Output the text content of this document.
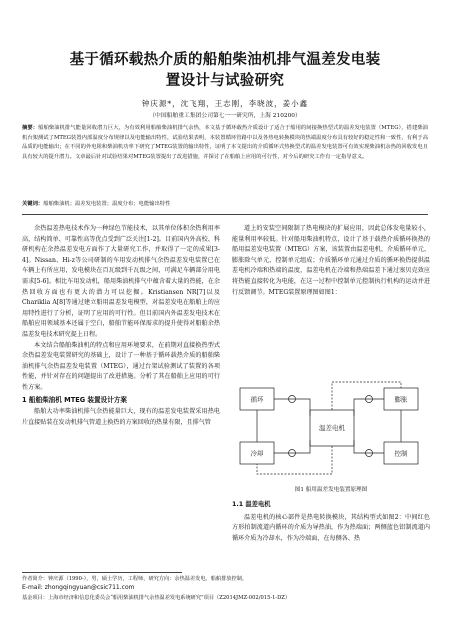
基于循环载热介质的船舶柴油机排气温差发电装
置设计与试验研究
钟庆源*，沈飞翔，王志刚，李晓波，姜小鑫
（中国船舶重工集团公司第七一一研究所，上海 210200）
摘要：船舶柴油机排气能量回收潜力巨大，为有效利用船舶柴油机排气余热，本文基于循环载热介质设计了适合于船用的间接换热型式的温差发电装置（MTEG），搭建柴油机台架测试了MTEG装置内部温度分布规律以及电能输出特性，试验结果表明，本装置循环管路中以及各热电转换模块的热端温度分布具有较好的稳定性和一致性，有利于高品质的电能输出；在不同的外电阻和柴油机功率下研究了MTEG装置的输出特性，证明了本文提出的介质循环式热换型式的温差发电装置可有效实现柴油机余热的回收发电且具有较大的提升潜力。文章最后针对试验结果对MTEG装置提出了改进措施，并探讨了在船舶上应用的可行性，对今后的研究工作有一定指导意义。
关键词：船舶柴油机；温差发电装置；温度分布；电能输出特性

余热温差热电技术作为一种绿色节能技术，以其单位体积余热利用率高，结构简单、可靠性高等优点受到广泛关注[1-2]。目前国内外高校、科研机构在余热温差发电方面作了大量研究工作，并取得了一定的成果[3-4]。Nissan、Hi-z等公司研制的车用发动机排气余热温差发电装置已在车辆上有所应用，发电模块在百瓦级到千瓦级之间，可满足车辆部分用电需求[5-6]。相比车用发动机，船用柴油机排气中蕴含着大量的热能，在余热回收方面也有更大的潜力可以挖掘。Kristiansen NR[7]以及Chariklia A[8]等通过建立船用温差发电模型，对温差发电在船舶上的应用特性进行了分析，证明了应用的可行性。但目前国内外温差发电技术在船舶应用领域基本还属于空白，船舶节能环保需求的提升使得对船舶余热温差发电技术研究提上日程。

本文结合船舶柴油机的特点和应用环境要求，在前期对直接换热型式余热温差发电装置研究的基础上，设计了一种基于循环载热介质的船舶柴油机排气余热温差发电装置（MTEG），通过台架试验测试了装置的各项性能，并针对存在的问题提出了改进措施。分析了其在船舶上应用的可行性方案。

1 船舶柴油机 MTEG 装置设计方案

船舶大功率柴油机排气余热能量巨大，现有的温差发电装置采用热电片直接贴装在发动机排气管道上换热的方案回收的热量有限，且排气管

道上的安装空间限制了热电模块的扩展应用，因此总体发电量较小，能量利用率较低。针对船用柴油机特点，设计了基于载热介质循环换热的船用温差发电装置（MTEG）方案，该装置由温差电机、介质循环单元、膨胀除气单元、控制单元组成；介质循环单元通过介质的循环换热提供温差电机冷端和热端的温度，温差电机在冷端和热端温差下通过塞贝克效应将热能直接转化为电能，在这一过程中控制单元控制执行机构的运动并进行反馈调节。MTEG装置原理图如图1：

循环
冷却
温差电机
膨胀
控制
图1 船用温差发电装置原理图
1.1 温差电机

温差电机的核心部件是热电转换模块，其结构型式如图2：中间红色方形拍制流道内循环的介质为导热油，作为热端面；两侧蓝色铝制流道内循环介质为冷却水，作为冷端面，在每侧各、热

作者简介：钟庆源（1990-），男，硕士学历，工程师，研究方向：余热温差发电、船舶排放控制。
E-mail: zhongqingyuan@csic711.com
基金项目：上海市经济和信息化委员会“船用柴油机排气余热温差发电系统研究”项目（Z2014JMZ-002/015-1-DZ）
